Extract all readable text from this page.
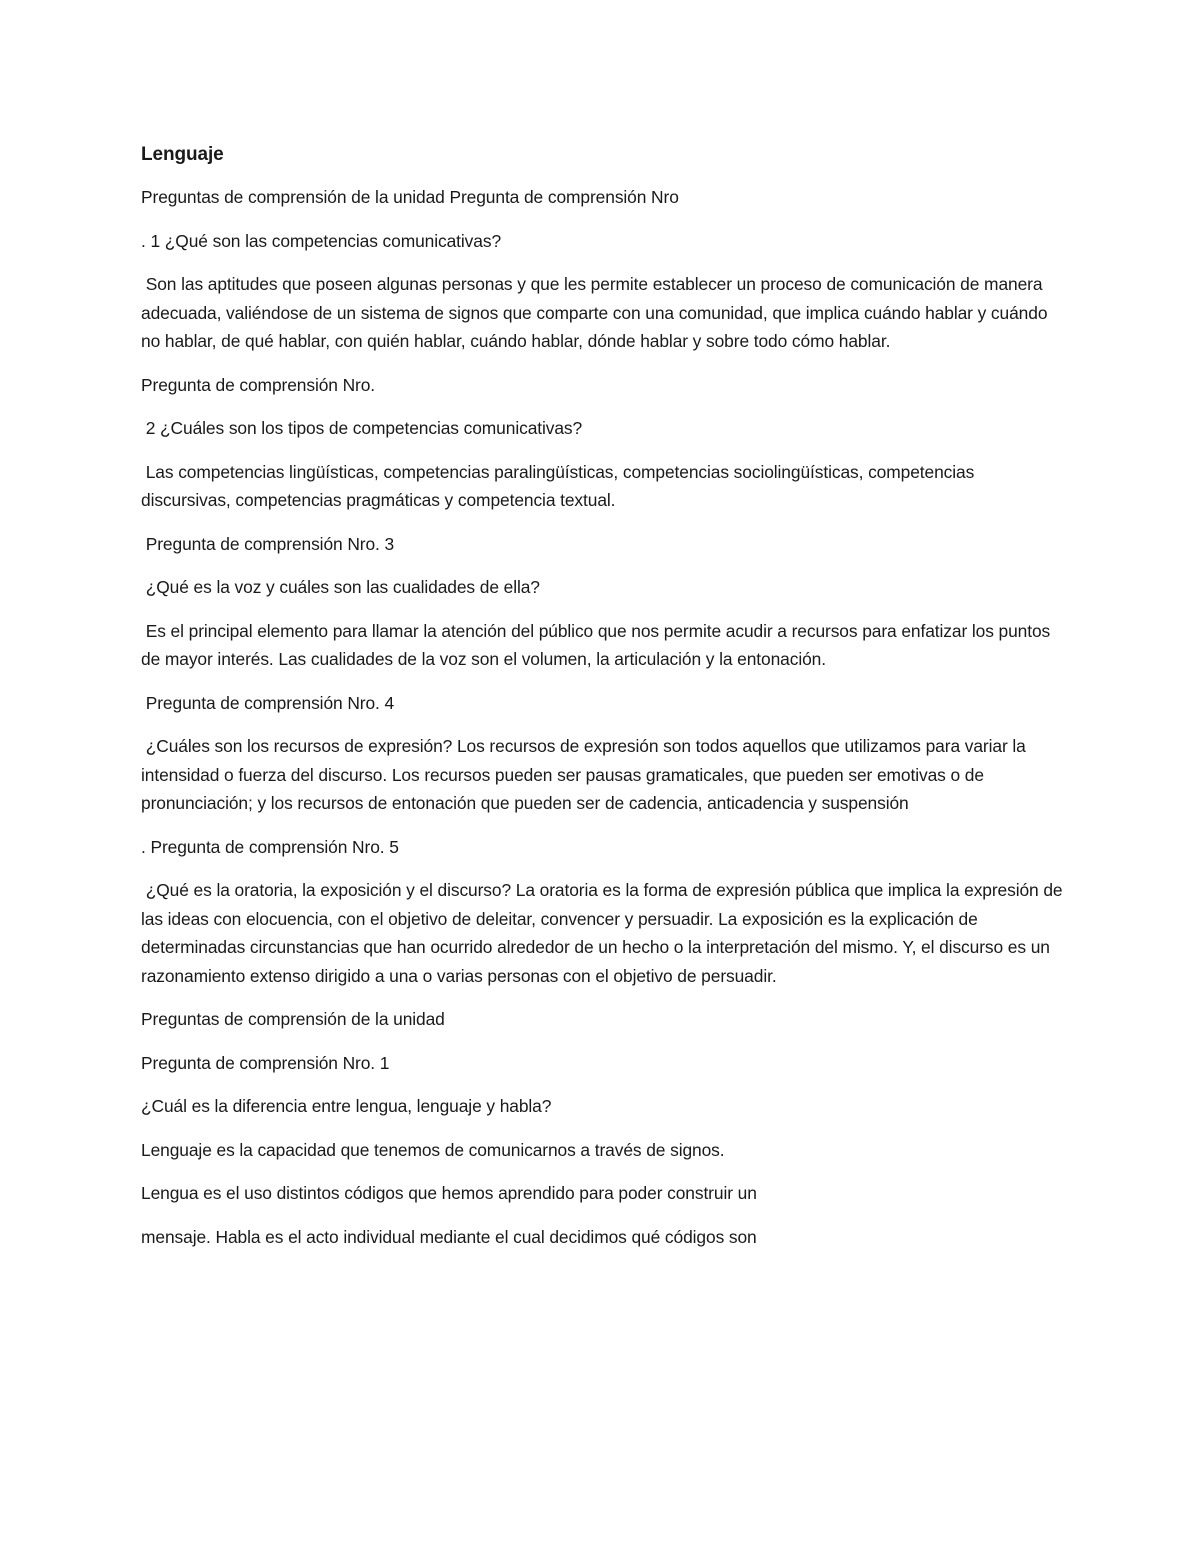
Lenguaje

Preguntas de comprensión de la unidad Pregunta de comprensión Nro

. 1 ¿Qué son las competencias comunicativas?

Son las aptitudes que poseen algunas personas y que les permite establecer un proceso de comunicación de manera adecuada, valiéndose de un sistema de signos que comparte con una comunidad, que implica cuándo hablar y cuándo no hablar, de qué hablar, con quién hablar, cuándo hablar, dónde hablar y sobre todo cómo hablar.

Pregunta de comprensión Nro.

2 ¿Cuáles son los tipos de competencias comunicativas?

Las competencias lingüísticas, competencias paralingüísticas, competencias sociolingüísticas, competencias discursivas, competencias pragmáticas y competencia textual.

Pregunta de comprensión Nro. 3

¿Qué es la voz y cuáles son las cualidades de ella?

Es el principal elemento para llamar la atención del público que nos permite acudir a recursos para enfatizar los puntos de mayor interés. Las cualidades de la voz son el volumen, la articulación y la entonación.

Pregunta de comprensión Nro. 4

¿Cuáles son los recursos de expresión? Los recursos de expresión son todos aquellos que utilizamos para variar la intensidad o fuerza del discurso. Los recursos pueden ser pausas gramaticales, que pueden ser emotivas o de pronunciación; y los recursos de entonación que pueden ser de cadencia, anticadencia y suspensión

. Pregunta de comprensión Nro. 5

¿Qué es la oratoria, la exposición y el discurso? La oratoria es la forma de expresión pública que implica la expresión de las ideas con elocuencia, con el objetivo de deleitar, convencer y persuadir. La exposición es la explicación de determinadas circunstancias que han ocurrido alrededor de un hecho o la interpretación del mismo. Y, el discurso es un razonamiento extenso dirigido a una o varias personas con el objetivo de persuadir.

Preguntas de comprensión de la unidad

Pregunta de comprensión Nro. 1

¿Cuál es la diferencia entre lengua, lenguaje y habla?

Lenguaje es la capacidad que tenemos de comunicarnos a través de signos.

Lengua es el uso distintos códigos que hemos aprendido para poder construir un

mensaje. Habla es el acto individual mediante el cual decidimos qué códigos son
